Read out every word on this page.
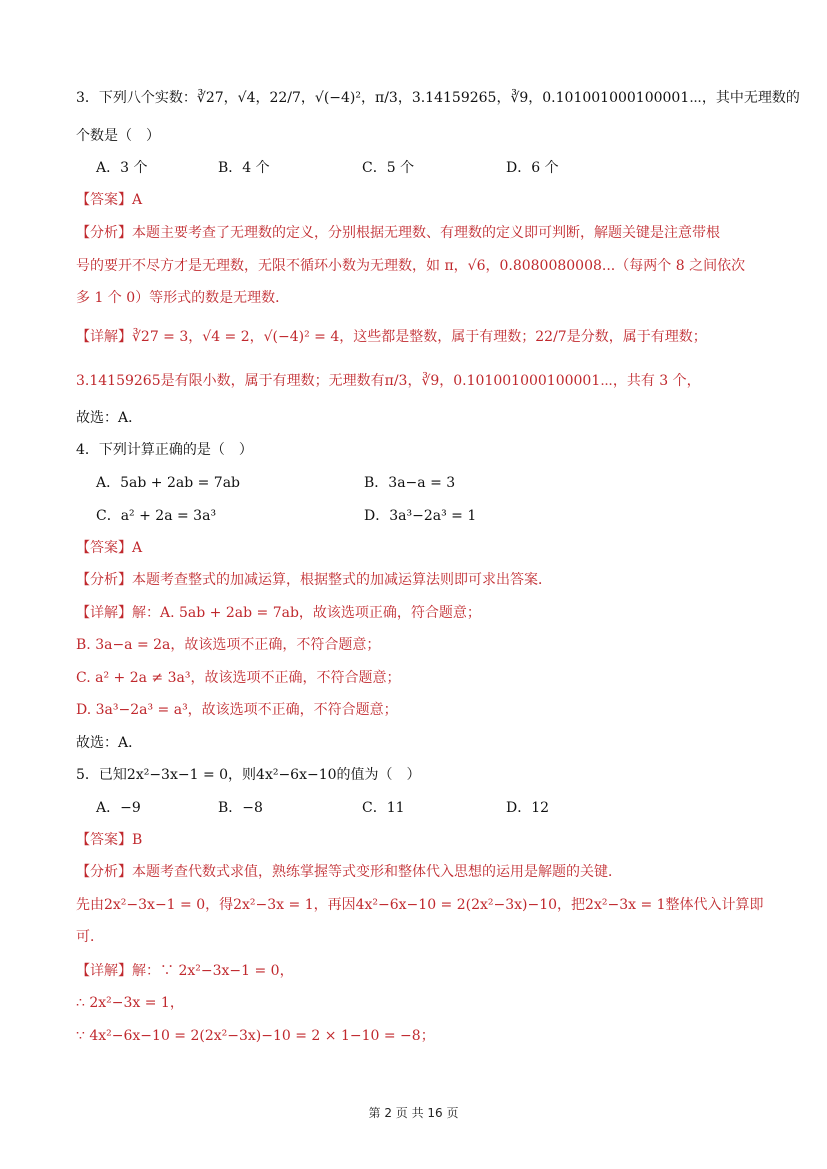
3．下列八个实数：∛27，√4，22/7，√(−4)²，π/3，3.14159265，∛9，0.101001000100001⋯，其中无理数的
个数是（　）
A．3 个	B．4 个	C．5 个	D．6 个
【答案】A
【分析】本题主要考查了无理数的定义，分别根据无理数、有理数的定义即可判断，解题关键是注意带根
号的要开不尽方才是无理数，无限不循环小数为无理数，如 π，√6，0.8080080008...（每两个 8 之间依次
多 1 个 0）等形式的数是无理数．
【详解】∛27 = 3，√4 = 2，√(−4)² = 4，这些都是整数，属于有理数；22/7是分数，属于有理数；
3.14159265是有限小数，属于有理数；无理数有π/3，∛9，0.101001000100001⋯，共有 3 个，
故选：A．
4．下列计算正确的是（　）
A．5ab + 2ab = 7ab	B．3a−a = 3
C．a² + 2a = 3a³	D．3a³−2a³ = 1
【答案】A
【分析】本题考查整式的加减运算，根据整式的加减运算法则即可求出答案．
【详解】解：A. 5ab + 2ab = 7ab，故该选项正确，符合题意；
B. 3a−a = 2a，故该选项不正确，不符合题意；
C. a² + 2a ≠ 3a³，故该选项不正确，不符合题意；
D. 3a³−2a³ = a³，故该选项不正确，不符合题意；
故选：A．
5．已知2x²−3x−1 = 0，则4x²−6x−10的值为（　）
A．−9	B．−8	C．11	D．12
【答案】B
【分析】本题考查代数式求值，熟练掌握等式变形和整体代入思想的运用是解题的关键．
先由2x²−3x−1 = 0，得2x²−3x = 1，再因4x²−6x−10 = 2(2x²−3x)−10，把2x²−3x = 1整体代入计算即
可．
【详解】解：∵ 2x²−3x−1 = 0，
∴ 2x²−3x = 1，
∵ 4x²−6x−10 = 2(2x²−3x)−10 = 2 × 1−10 = −8；
第 2 页 共 16 页
